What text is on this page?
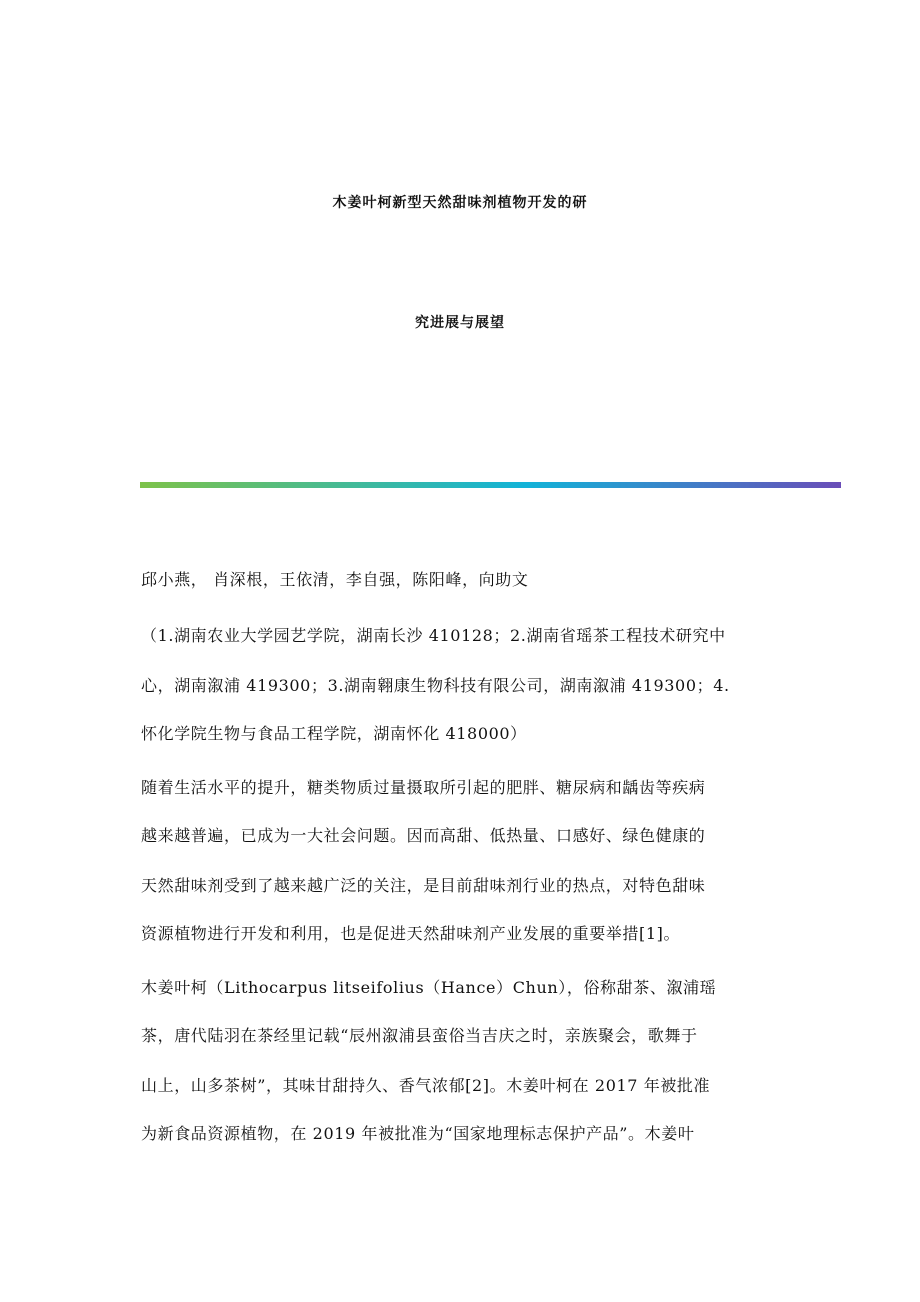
木姜叶柯新型天然甜味剂植物开发的研
究进展与展望
邱小燕， 肖深根，王依清，李自强，陈阳峰，向助文
（1.湖南农业大学园艺学院，湖南长沙 410128；2.湖南省瑶茶工程技术研究中
心，湖南溆浦 419300；3.湖南翱康生物科技有限公司，湖南溆浦 419300；4.
怀化学院生物与食品工程学院，湖南怀化 418000）
随着生活水平的提升，糖类物质过量摄取所引起的肥胖、糖尿病和龋齿等疾病
越来越普遍，已成为一大社会问题。因而高甜、低热量、口感好、绿色健康的
天然甜味剂受到了越来越广泛的关注，是目前甜味剂行业的热点，对特色甜味
资源植物进行开发和利用，也是促进天然甜味剂产业发展的重要举措[1]。
木姜叶柯（Lithocarpus litseifolius（Hance）Chun），俗称甜茶、溆浦瑶
茶，唐代陆羽在茶经里记载“辰州溆浦县蛮俗当吉庆之时，亲族聚会，歌舞于
山上，山多茶树”，其味甘甜持久、香气浓郁[2]。木姜叶柯在 2017 年被批准
为新食品资源植物，在 2019 年被批准为“国家地理标志保护产品”。木姜叶
